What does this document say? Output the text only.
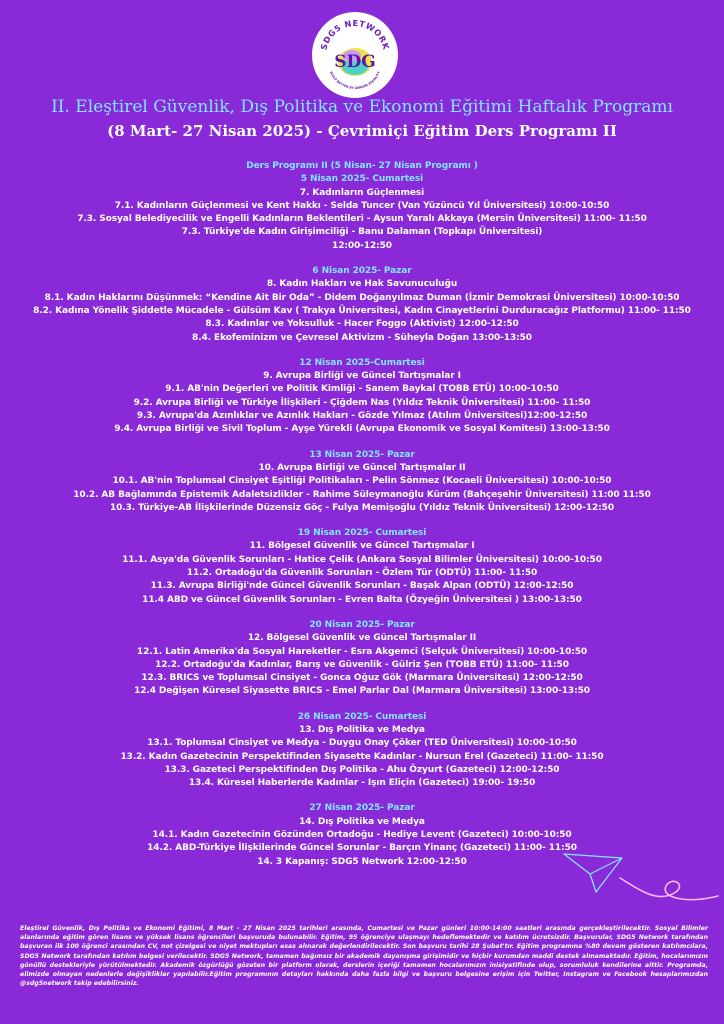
SDG5 NETWORK
SDG
BUILD BETTER BY GENDER EQUALITY
II. Eleştirel Güvenlik, Dış Politika ve Ekonomi Eğitimi Haftalık Programı
(8 Mart- 27 Nisan 2025) - Çevrimiçi Eğitim Ders Programı II
Ders Programı II (5 Nisan- 27 Nisan Programı )
5 Nisan 2025- Cumartesi
7. Kadınların Güçlenmesi
7.1. Kadınların Güçlenmesi ve Kent Hakkı - Selda Tuncer (Van Yüzüncü Yıl Üniversitesi) 10:00-10:50
7.3. Sosyal Belediyecilik ve Engelli Kadınların Beklentileri - Aysun Yaralı Akkaya (Mersin Üniversitesi) 11:00- 11:50
7.3. Türkiye'de Kadın Girişimciliği - Banu Dalaman (Topkapı Üniversitesi)
12:00-12:50
6 Nisan 2025- Pazar
8. Kadın Hakları ve Hak Savunuculuğu
8.1. Kadın Haklarını Düşünmek: “Kendine Ait Bir Oda” - Didem Doğanyılmaz Duman (İzmir Demokrasi Üniversitesi) 10:00-10:50
8.2. Kadına Yönelik Şiddetle Mücadele - Gülsüm Kav ( Trakya Üniversitesi, Kadın Cinayetlerini Durduracağız Platformu) 11:00- 11:50
8.3. Kadınlar ve Yoksulluk - Hacer Foggo (Aktivist) 12:00-12:50
8.4. Ekofeminizm ve Çevresel Aktivizm - Süheyla Doğan 13:00-13:50
12 Nisan 2025-Cumartesi
9. Avrupa Birliği ve Güncel Tartışmalar I
9.1. AB'nin Değerleri ve Politik Kimliği - Sanem Baykal (TOBB ETÜ) 10:00-10:50
9.2. Avrupa Birliği ve Türkiye İlişkileri - Çiğdem Nas (Yıldız Teknik Üniversitesi) 11:00- 11:50
9.3. Avrupa'da Azınlıklar ve Azınlık Hakları - Gözde Yılmaz (Atılım Üniversitesi)12:00-12:50
9.4. Avrupa Birliği ve Sivil Toplum - Ayşe Yürekli (Avrupa Ekonomik ve Sosyal Komitesi) 13:00-13:50
13 Nisan 2025- Pazar
10. Avrupa Birliği ve Güncel Tartışmalar II
10.1. AB'nin Toplumsal Cinsiyet Eşitliği Politikaları - Pelin Sönmez (Kocaeli Üniversitesi) 10:00-10:50
10.2. AB Bağlamında Epistemik Adaletsizlikler - Rahime Süleymanoğlu Kürüm (Bahçeşehir Üniversitesi) 11:00 11:50
10.3. Türkiye-AB İlişkilerinde Düzensiz Göç - Fulya Memişoğlu (Yıldız Teknik Üniversitesi) 12:00-12:50
19 Nisan 2025- Cumartesi
11. Bölgesel Güvenlik ve Güncel Tartışmalar I
11.1. Asya'da Güvenlik Sorunları - Hatice Çelik (Ankara Sosyal Bilimler Üniversitesi) 10:00-10:50
11.2. Ortadoğu'da Güvenlik Sorunları - Özlem Tür (ODTÜ) 11:00- 11:50
11.3. Avrupa Birliği'nde Güncel Güvenlik Sorunları - Başak Alpan (ODTÜ) 12:00-12:50
11.4 ABD ve Güncel Güvenlik Sorunları - Evren Balta (Özyeğin Üniversitesi ) 13:00-13:50
20 Nisan 2025- Pazar
12. Bölgesel Güvenlik ve Güncel Tartışmalar II
12.1. Latin Amerika'da Sosyal Hareketler - Esra Akgemci (Selçuk Üniversitesi) 10:00-10:50
12.2. Ortadoğu'da Kadınlar, Barış ve Güvenlik - Gülriz Şen (TOBB ETÜ) 11:00- 11:50
12.3. BRICS ve Toplumsal Cinsiyet - Gonca Oğuz Gök (Marmara Üniversitesi) 12:00-12:50
12.4 Değişen Küresel Siyasette BRICS - Emel Parlar Dal (Marmara Üniversitesi) 13:00-13:50
26 Nisan 2025- Cumartesi
13. Dış Politika ve Medya
13.1. Toplumsal Cinsiyet ve Medya - Duygu Onay Çöker (TED Üniversitesi) 10:00-10:50
13.2. Kadın Gazetecinin Perspektifinden Siyasette Kadınlar - Nursun Erel (Gazeteci) 11:00- 11:50
13.3. Gazeteci Perspektifinden Dış Politika - Ahu Özyurt (Gazeteci) 12:00-12:50
13.4. Küresel Haberlerde Kadınlar - Işın Eliçin (Gazeteci) 19:00- 19:50
27 Nisan 2025- Pazar
14. Dış Politika ve Medya
14.1. Kadın Gazetecinin Gözünden Ortadoğu - Hediye Levent (Gazeteci) 10:00-10:50
14.2. ABD-Türkiye İlişkilerinde Güncel Sorunlar - Barçın Yinanç (Gazeteci) 11:00- 11:50
14. 3 Kapanış: SDG5 Network 12:00-12:50
Eleştirel Güvenlik, Dış Politika ve Ekonomi Eğitimi, 8 Mart - 27 Nisan 2025 tarihleri arasında, Cumartesi ve Pazar günleri 10:00-14:00 saatleri arasında gerçekleştirilecektir. Sosyal Bilimler alanlarında eğitim gören lisans ve yüksek lisans öğrencileri başvuruda bulunabilir. Eğitim, 95 öğrenciye ulaşmayı hedeflemektedir ve katılım ücretsizdir. Başvurular, SDG5 Network tarafından başvuran ilk 100 öğrenci arasından CV, not çizelgesi ve niyet mektupları esas alınarak değerlendirilecektir. Son başvuru tarihi 28 Şubat'tır. Eğitim programına %80 devam gösteren katılımcılara, SDG5 Network tarafından katılım belgesi verilecektir. SDG5 Network, tamamen bağımsız bir akademik dayanışma girişimidir ve hiçbir kurumdan maddi destek almamaktadır. Eğitim, hocalarımızın gönüllü destekleriyle yürütülmektedir. Akademik özgürlüğü gözeten bir platform olarak, derslerin içeriği tamamen hocalarımızın inisiyatifinde olup, sorumluluk kendilerine aittir. Programda, elimizde olmayan nedenlerle değişiklikler yapılabilir.Eğitim programının detayları hakkında daha fazla bilgi ve başvuru belgesine erişim için Twitter, Instagram ve Facebook hesaplarımızdan @sdg5network takip edebilirsiniz.
